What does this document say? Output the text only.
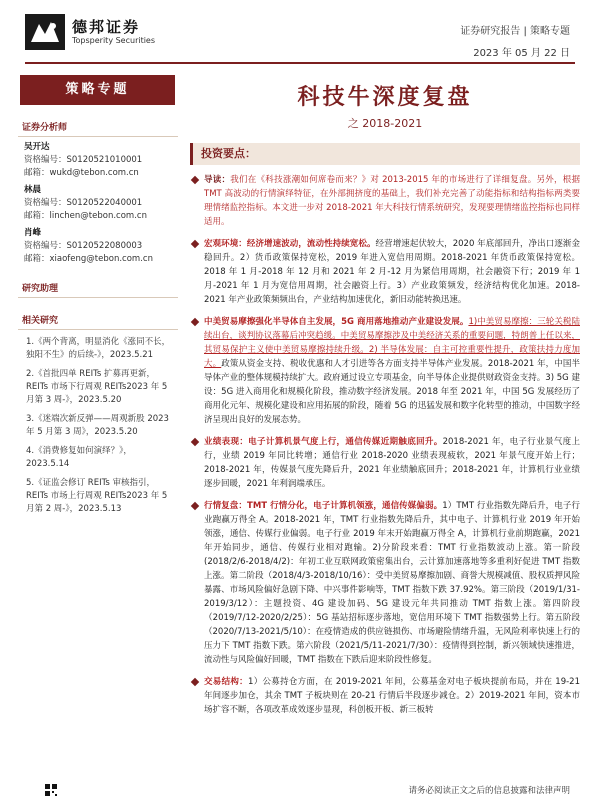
德邦证券
Topsperity Securities
证券研究报告 | 策略专题
2023 年 05 月 22 日
策略专题
证券分析师
吴开达
资格编号：S0120521010001
邮箱：wukd@tebon.com.cn
林晨
资格编号：S0120522040001
邮箱：linchen@tebon.com.cn
肖峰
资格编号：S0120522080003
邮箱：xiaofeng@tebon.com.cn
研究助理
相关研究
1.《两个背离，明显消化《涨同不长，独阳不生》的后续-》，2023.5.21
2.《首批四单 REITs 扩募再更新，REITs 市场下行周观 REITs2023 年 5 月第 3 周-》，2023.5.20
3.《迷端次新反弹——周观新股 2023 年 5 月第 3 周》，2023.5.20
4.《消费修复如何演绎？》，2023.5.14
5.《证监会修订 REITs 审核指引，REITs 市场上行周观 REITs2023 年 5 月第 2 周-》，2023.5.13
科技牛深度复盘
之 2018-2021
投资要点：
导读：我们在《科技涨潮如何席卷而来？》对 2013-2015 年的市场进行了详细复盘。另外，根据 TMT 高波动的行情演绎特征，在外部拥挤度的基础上，我们补充完善了动能指标和结构指标两类要理情绪监控指标。本文进一步对 2018-2021 年大科技行情系统研究，发现要理情绪监控指标也同样适用。
宏观环境：经济增速波动，流动性持续宽松。经营增速起伏较大，2020 年底部回升，净出口逐渐金稳回升。2）货币政策保持宽松，2019 年进入宽信用周期。2018-2021 年货币政策保持宽松。2018 年 1 月-2018 年 12 月和 2021 年 2 月-12 月为紧信用周期，社会融资下行；2019 年 1 月-2021 年 1 月为宽信用周期，社会融资上行。3）产业政策频发，经济结构优化加速。2018-2021 年产业政策频频出台，产业结构加速优化，新旧动能转换迅速。
中美贸易摩擦强化半导体自主发展，5G 商用落地推动产业建设发展。1)中美贸易摩擦：三轮关税陆续出台，谈判协议落幕后冲突趋缓。中美贸易摩擦涉及中美经济关系的重要问题，特朗普上任以来，其贸易保护主义使中美贸易摩擦持续升级。2) 半导体发展：自主可控重要性提升，政策扶持力度加大。政策从资金支持、税收优惠和人才引进等各方面支持半导体产业发展。2018-2021 年，中国半导体产业的整体规模持续扩大。政府通过设立专项基金，向半导体企业提供财政资金支持。3) 5G 建设：5G 进入商用化和规模化阶段，推动数字经济发展。2018 年至 2021 年，中国 5G 发展经历了商用化元年、规模化建设和应用拓展的阶段，随着 5G 的迅猛发展和数字化转型的推动，中国数字经济呈现出良好的发展态势。
业绩表现：电子计算机景气度上行，通信传媒近期触底回升。2018-2021 年，电子行业景气度上行，业绩 2019 年同比转增；通信行业 2018-2020 业绩表现疲软，2021 年景气度开始上行；2018-2021 年，传媒景气度先降后升，2021 年业绩触底回升；2018-2021 年，计算机行业业绩逐步回暖，2021 年利润端承压。
行情复盘：TMT 行情分化，电子计算机领涨，通信传媒偏弱。1）TMT 行业指数先降后升，电子行业跑赢万得全 A。2018-2021 年，TMT 行业指数先降后升，其中电子、计算机行业 2019 年开始领涨，通信、传媒行业偏弱。电子行业 2019 年末开始跑赢万得全 A，计算机行业前期跑赢，2021 年开始同步，通信、传媒行业相对跑输。2)分阶段来看：TMT 行业指数波动上涨。第一阶段(2018/2/6-2018/4/2)：年初工业互联网政策密集出台，云计算加速落地等多重利好促进 TMT 指数上涨。第二阶段（2018/4/3-2018/10/16）：受中美贸易摩擦加剧、商誉大规模减值、股权质押风险暴露、市场风险偏好急剧下降、中兴事件影响等，TMT 指数下跌 37.92%。第三阶段（2019/1/31-2019/3/12）：主题投资、4G 建设加码、5G 建设元年共同推动 TMT 指数上涨。第四阶段（2019/7/12-2020/2/25）：5G 基站招标逐步落地，宽信用环境下 TMT 指数强势上行。第五阶段（2020/7/13-2021/5/10）：在疫情造成的供应链损伤、市场避险情绪升温，无风险利率快速上行的压力下 TMT 指数下跌。第六阶段（2021/5/11-2021/7/30）：疫情得到控制，新兴领域快速推进，流动性与风险偏好回暖，TMT 指数在下跌后迎来阶段性修复。
交易结构：1）公募持仓方面，在 2019-2021 年间，公募基金对电子板块提前布局，并在 19-21 年间逐步加仓，其余 TMT 子板块则在 20-21 行情后半段逐步减仓。2）2019-2021 年间，资本市场扩容不断，各项改革成效逐步显现，科创板开板、新三板转
请务必阅读正文之后的信息披露和法律声明
